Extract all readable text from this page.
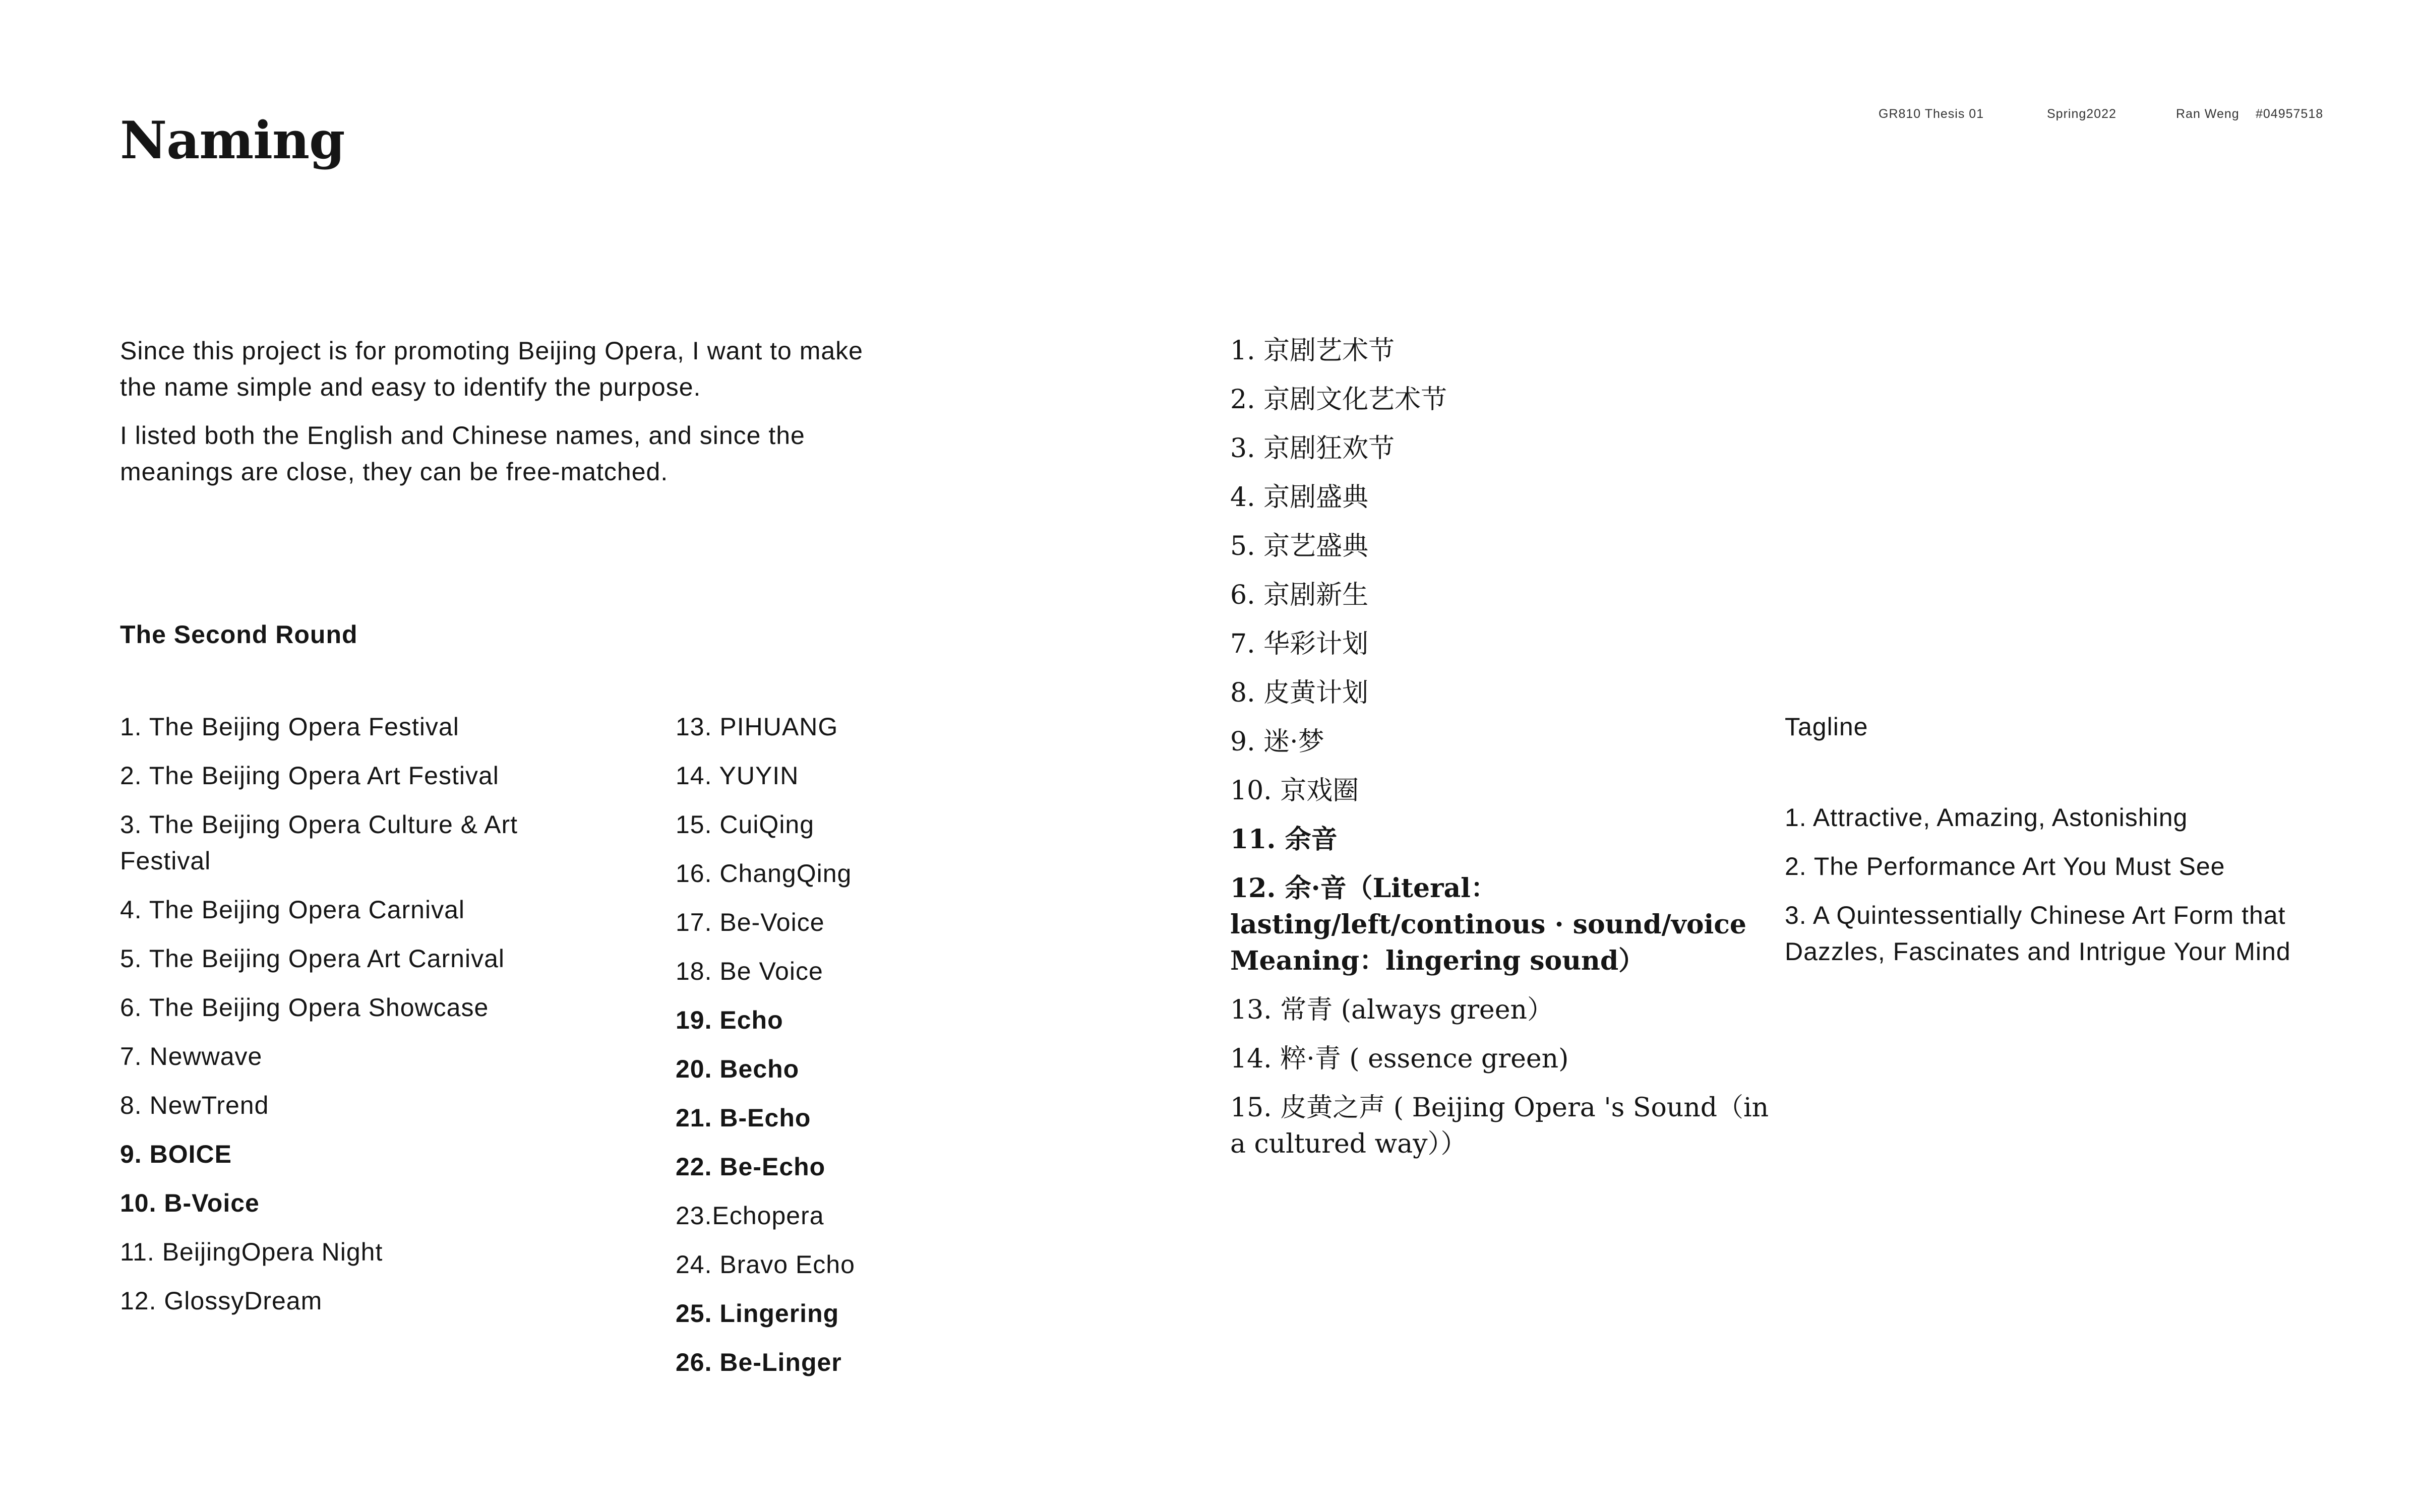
Naming	GR810 Thesis 01	Spring2022	Ran Weng #04957518

Since this project is for promoting Beijing Opera, I want to make the name simple and easy to identify the purpose.

I listed both the English and Chinese names, and since the meanings are close, they can be free-matched.

The Second Round
1. The Beijing Opera Festival
2. The Beijing Opera Art Festival
3. The Beijing Opera Culture & Art Festival
4. The Beijing Opera Carnival
5. The Beijing Opera Art Carnival
6. The Beijing Opera Showcase
7. Newwave
8. NewTrend
9. BOICE
10. B-Voice
11. BeijingOpera Night
12. GlossyDream
13. PIHUANG
14. YUYIN
15. CuiQing
16. ChangQing
17. Be-Voice
18. Be Voice
19. Echo
20. Becho
21. B-Echo
22. Be-Echo
23.Echopera
24. Bravo Echo
25. Lingering
26. Be-Linger
1. 京剧艺术节
2. 京剧文化艺术节
3. 京剧狂欢节
4. 京剧盛典
5. 京艺盛典
6. 京剧新生
7. 华彩计划
8. 皮黄计划
9. 迷·梦
10. 京戏圈
11. 余音
12. 余·音（Literal：lasting/left/continous · sound/voice Meaning：lingering sound）
13. 常青 (always green）
14. 粹·青 ( essence green)
15. 皮黄之声 ( Beijing Opera 's Sound（in a cultured way））
Tagline
1. Attractive, Amazing, Astonishing
2. The Performance Art You Must See
3. A Quintessentially Chinese Art Form that Dazzles, Fascinates and Intrigue Your Mind
